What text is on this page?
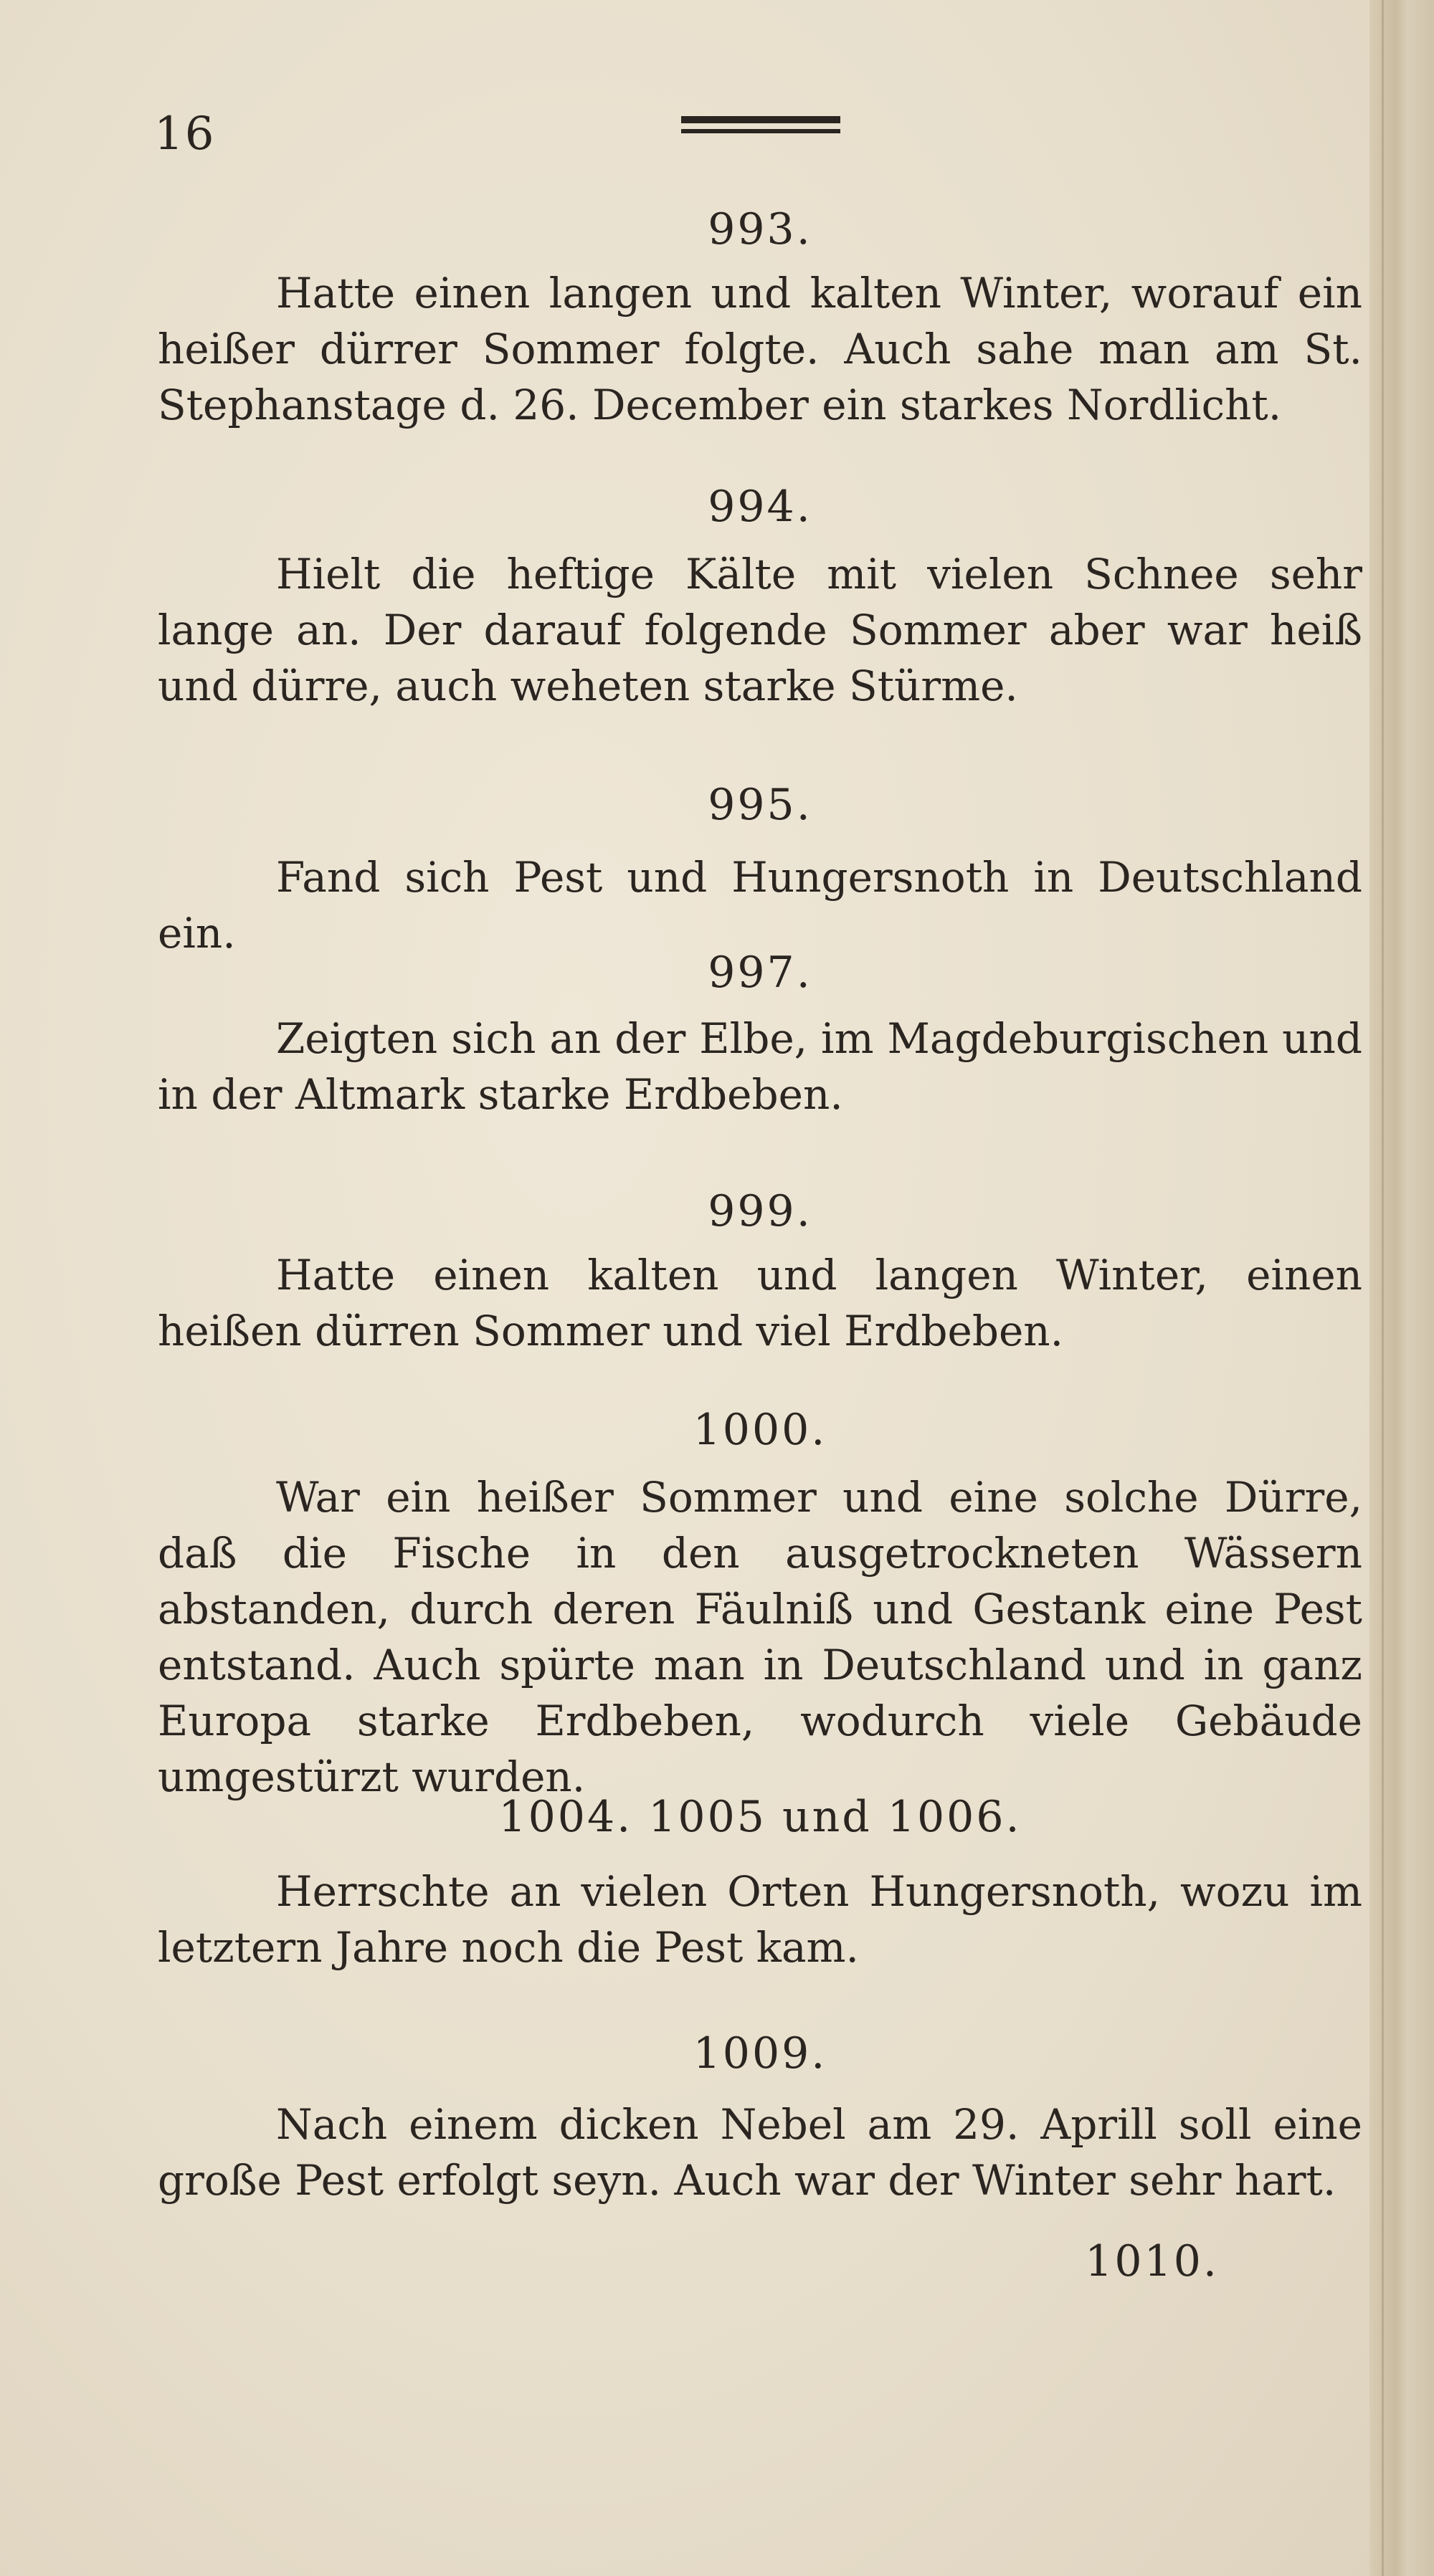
16
993.
Hatte einen langen und kalten Winter, worauf ein heißer dürrer Sommer folgte. Auch sahe man am St. Stephanstage d. 26. December ein starkes Nordlicht.
994.
Hielt die heftige Kälte mit vielen Schnee sehr lange an. Der darauf folgende Sommer aber war heiß und dürre, auch weheten starke Stürme.
995.
Fand sich Pest und Hungersnoth in Deutschland ein.
997.
Zeigten sich an der Elbe, im Magdeburgischen und in der Altmark starke Erdbeben.
999.
Hatte einen kalten und langen Winter, einen heißen dürren Sommer und viel Erdbeben.
1000.
War ein heißer Sommer und eine solche Dürre, daß die Fische in den ausgetrockneten Wässern abstanden, durch deren Fäulniß und Gestank eine Pest entstand. Auch spürte man in Deutschland und in ganz Europa starke Erdbeben, wodurch viele Gebäude umgestürzt wurden.
1004. 1005 und 1006.
Herrschte an vielen Orten Hungersnoth, wozu im letztern Jahre noch die Pest kam.
1009.
Nach einem dicken Nebel am 29. Aprill soll eine große Pest erfolgt seyn. Auch war der Winter sehr hart.
1010.
